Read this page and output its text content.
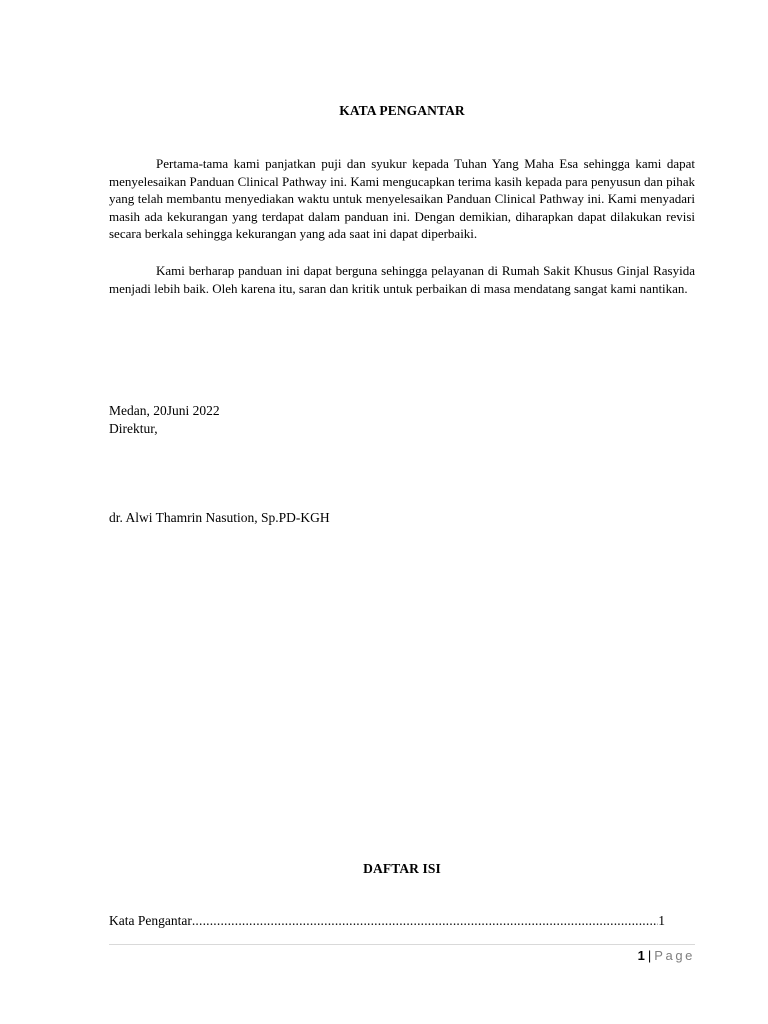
KATA PENGANTAR

Pertama-tama kami panjatkan puji dan syukur kepada Tuhan Yang Maha Esa sehingga kami dapat menyelesaikan Panduan Clinical Pathway ini. Kami mengucapkan terima kasih kepada para penyusun dan pihak yang telah membantu menyediakan waktu untuk menyelesaikan Panduan Clinical Pathway ini. Kami menyadari masih ada kekurangan yang terdapat dalam panduan ini. Dengan demikian, diharapkan dapat dilakukan revisi secara berkala sehingga kekurangan yang ada saat ini dapat diperbaiki.

Kami berharap panduan ini dapat berguna sehingga pelayanan di Rumah Sakit Khusus Ginjal Rasyida menjadi lebih baik. Oleh karena itu, saran dan kritik untuk perbaikan di masa mendatang sangat kami nantikan.

Medan, 20Juni 2022
Direktur,
dr. Alwi Thamrin Nasution, Sp.PD-KGH
DAFTAR ISI
Kata Pengantar
.....	1
1 | Page
